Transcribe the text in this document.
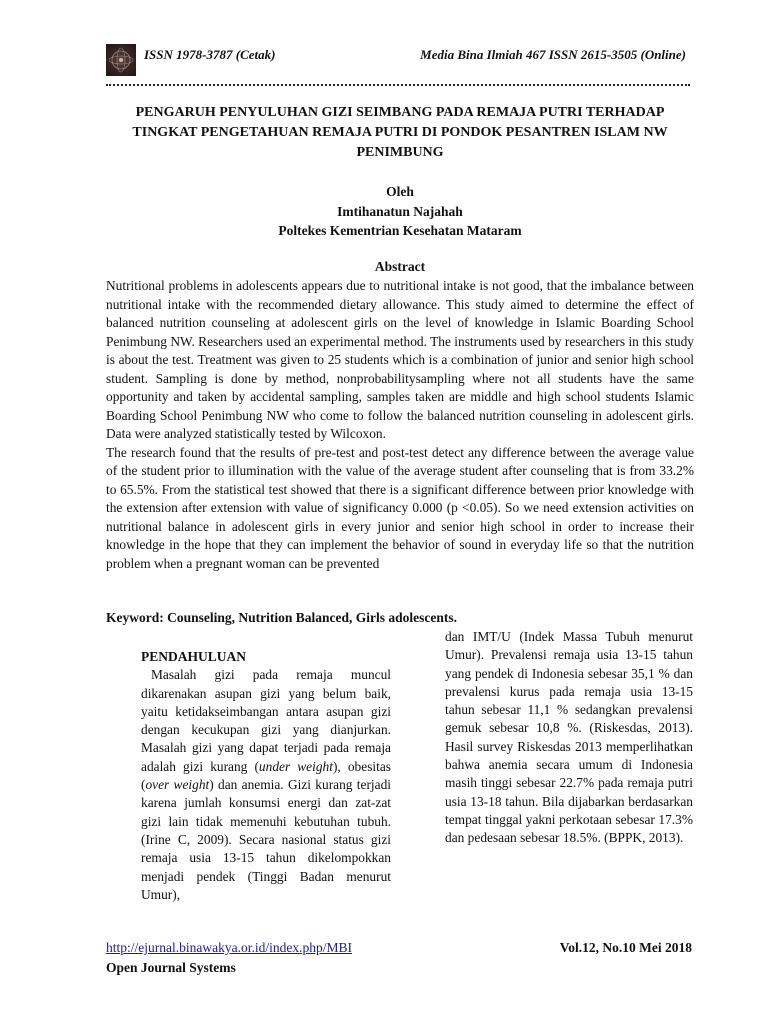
ISSN 1978-3787 (Cetak)	Media Bina Ilmiah 467 ISSN 2615-3505 (Online)
PENGARUH PENYULUHAN GIZI SEIMBANG PADA REMAJA PUTRI TERHADAP TINGKAT PENGETAHUAN REMAJA PUTRI DI PONDOK PESANTREN ISLAM NW PENIMBUNG
Oleh
Imtihanatun Najahah
Poltekes Kementrian Kesehatan Mataram
Abstract

Nutritional problems in adolescents appears due to nutritional intake is not good, that the imbalance between nutritional intake with the recommended dietary allowance. This study aimed to determine the effect of balanced nutrition counseling at adolescent girls on the level of knowledge in Islamic Boarding School Penimbung NW. Researchers used an experimental method. The instruments used by researchers in this study is about the test. Treatment was given to 25 students which is a combination of junior and senior high school student. Sampling is done by method, nonprobabilitysampling where not all students have the same opportunity and taken by accidental sampling, samples taken are middle and high school students Islamic Boarding School Penimbung NW who come to follow the balanced nutrition counseling in adolescent girls. Data were analyzed statistically tested by Wilcoxon.

The research found that the results of pre-test and post-test detect any difference between the average value of the student prior to illumination with the value of the average student after counseling that is from 33.2% to 65.5%. From the statistical test showed that there is a significant difference between prior knowledge with the extension after extension with value of significancy 0.000 (p <0.05). So we need extension activities on nutritional balance in adolescent girls in every junior and senior high school in order to increase their knowledge in the hope that they can implement the behavior of sound in everyday life so that the nutrition problem when a pregnant woman can be prevented

Keyword: Counseling, Nutrition Balanced, Girls adolescents.
PENDAHULUAN

Masalah gizi pada remaja muncul dikarenakan asupan gizi yang belum baik, yaitu ketidakseimbangan antara asupan gizi dengan kecukupan gizi yang dianjurkan. Masalah gizi yang dapat terjadi pada remaja adalah gizi kurang (under weight), obesitas (over weight) dan anemia. Gizi kurang terjadi karena jumlah konsumsi energi dan zat-zat gizi lain tidak memenuhi kebutuhan tubuh. (Irine C, 2009). Secara nasional status gizi remaja usia 13-15 tahun dikelompokkan menjadi pendek (Tinggi Badan menurut Umur),

dan IMT/U (Indek Massa Tubuh menurut Umur). Prevalensi remaja usia 13-15 tahun yang pendek di Indonesia sebesar 35,1 % dan prevalensi kurus pada remaja usia 13-15 tahun sebesar 11,1 % sedangkan prevalensi gemuk sebesar 10,8 %. (Riskesdas, 2013). Hasil survey Riskesdas 2013 memperlihatkan bahwa anemia secara umum di Indonesia masih tinggi sebesar 22.7% pada remaja putri usia 13-18 tahun. Bila dijabarkan berdasarkan tempat tinggal yakni perkotaan sebesar 17.3% dan pedesaan sebesar 18.5%. (BPPK, 2013).

http://ejurnal.binawakya.or.id/index.php/MBI	Vol.12, No.10 Mei 2018
Open Journal Systems
